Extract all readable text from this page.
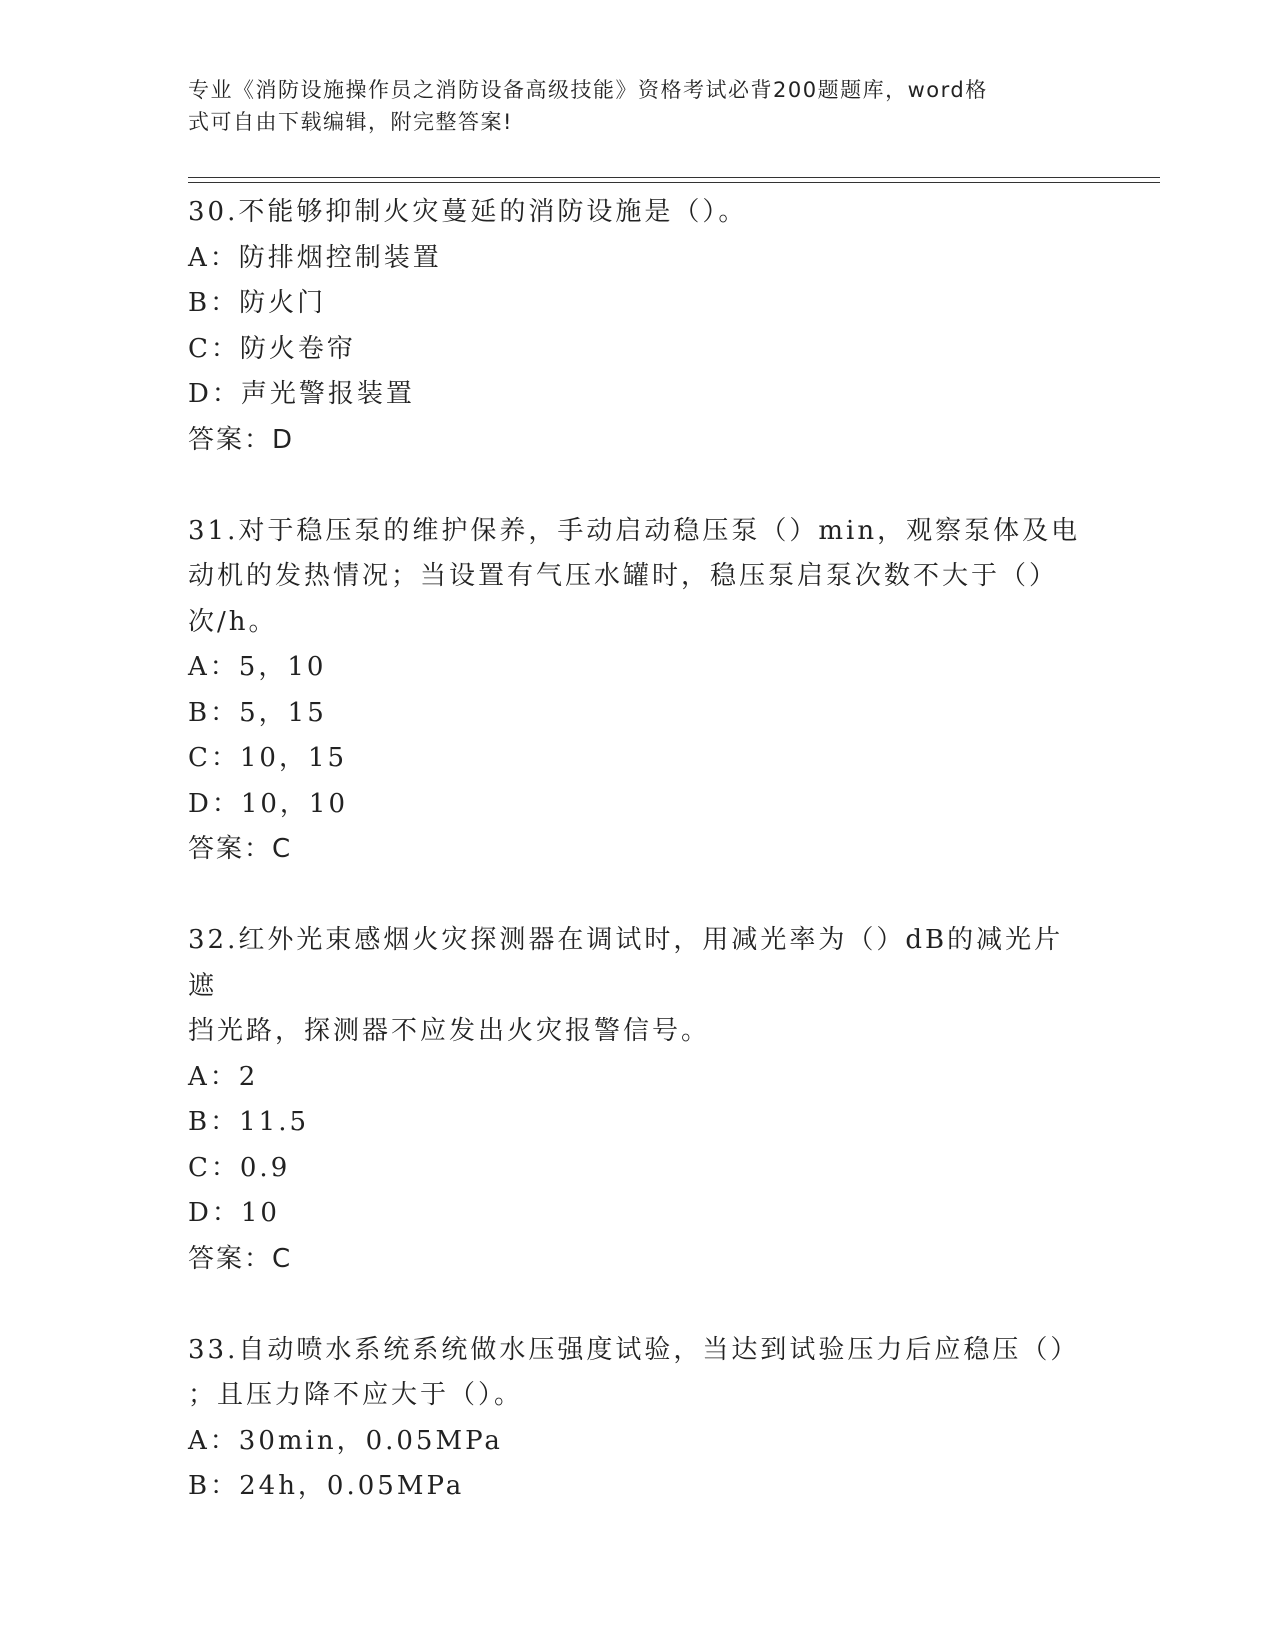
专业《消防设施操作员之消防设备高级技能》资格考试必背200题题库，word格
式可自由下载编辑，附完整答案!

30.不能够抑制火灾蔓延的消防设施是（）。

A：防排烟控制装置

B：防火门

C：防火卷帘

D：声光警报装置

答案：D

31.对于稳压泵的维护保养，手动启动稳压泵（）min，观察泵体及电

动机的发热情况；当设置有气压水罐时，稳压泵启泵次数不大于（）

次/h。

A：5，10

B：5，15

C：10，15

D：10，10

答案：C

32.红外光束感烟火灾探测器在调试时，用减光率为（）dB的减光片遮

挡光路，探测器不应发出火灾报警信号。

A：2

B：11.5

C：0.9

D：10

答案：C

33.自动喷水系统系统做水压强度试验，当达到试验压力后应稳压（）

；且压力降不应大于（）。

A：30min，0.05MPa

B：24h，0.05MPa
